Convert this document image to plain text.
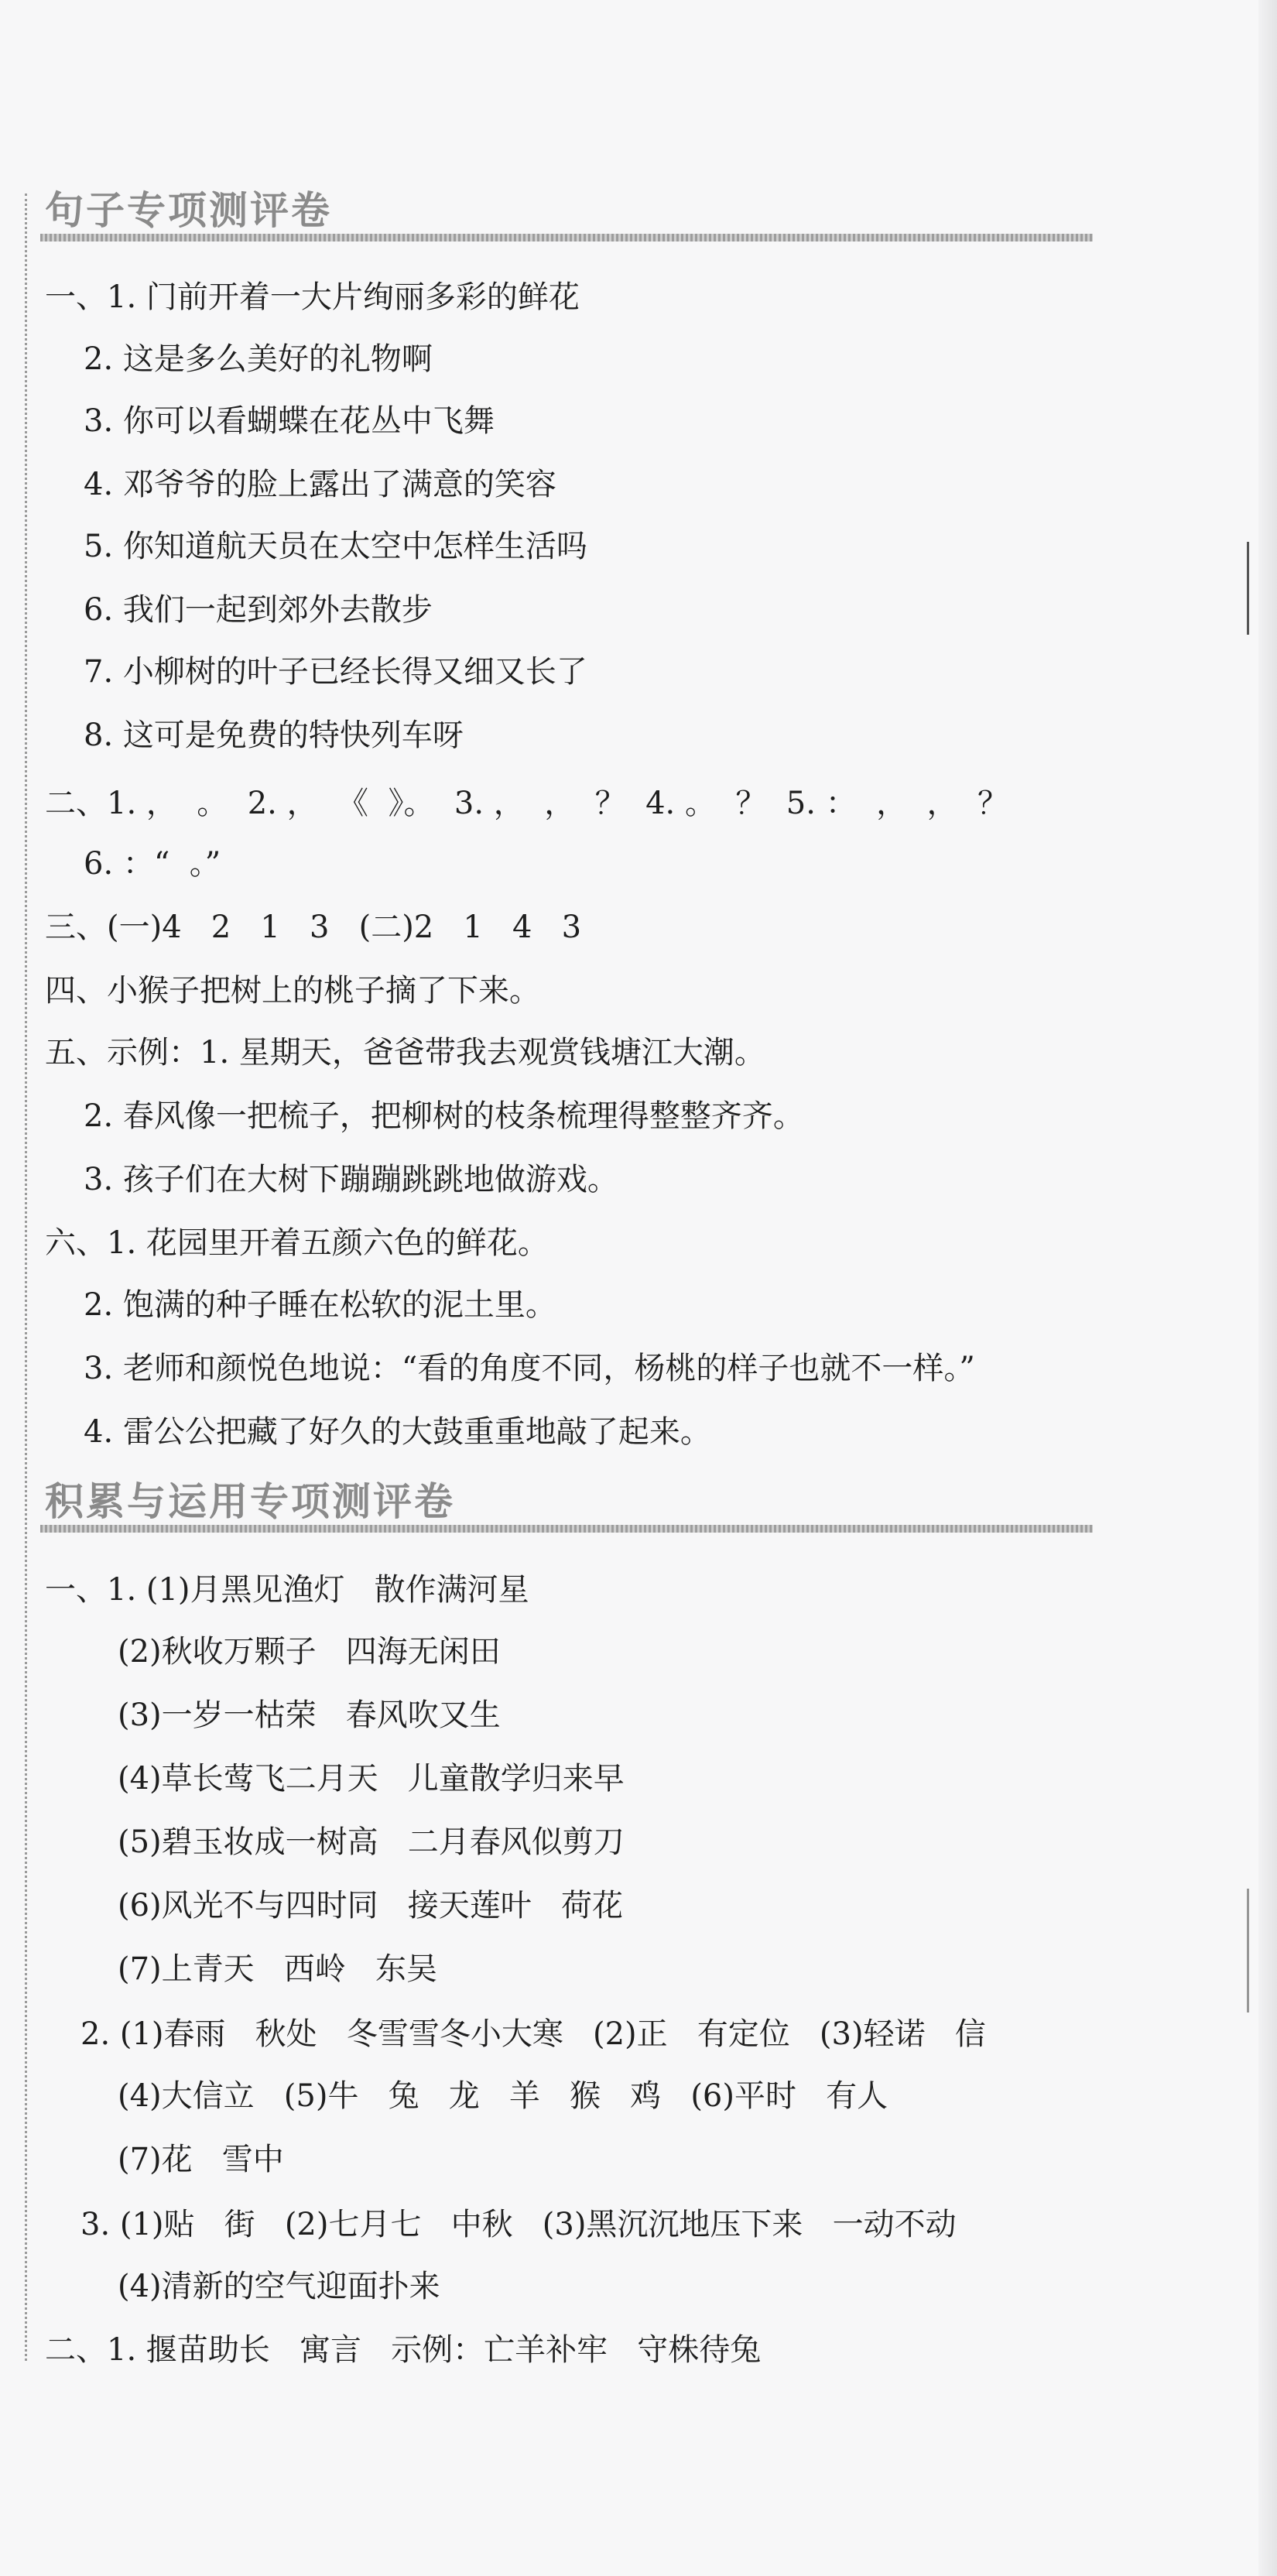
句子专项测评卷
一、1. 门前开着一大片绚丽多彩的鲜花
2. 这是多么美好的礼物啊
3. 你可以看蝴蝶在花丛中飞舞
4. 邓爷爷的脸上露出了满意的笑容
5. 你知道航天员在太空中怎样生活吗
6. 我们一起到郊外去散步
7. 小柳树的叶子已经长得又细又长了
8. 这可是免费的特快列车呀
二、1. ，  。  2. ，  《  》。  3. ，  ，  ？  4. 。  ？  5. ：  ，  ，  ？
6. ：“  。”
三、(一)4   2   1   3   (二)2   1   4   3
四、小猴子把树上的桃子摘了下来。
五、示例：1. 星期天，爸爸带我去观赏钱塘江大潮。
2. 春风像一把梳子，把柳树的枝条梳理得整整齐齐。
3. 孩子们在大树下蹦蹦跳跳地做游戏。
六、1. 花园里开着五颜六色的鲜花。
2. 饱满的种子睡在松软的泥土里。
3. 老师和颜悦色地说：“看的角度不同，杨桃的样子也就不一样。”
4. 雷公公把藏了好久的大鼓重重地敲了起来。
积累与运用专项测评卷
一、1. (1)月黑见渔灯   散作满河星
(2)秋收万颗子   四海无闲田
(3)一岁一枯荣   春风吹又生
(4)草长莺飞二月天   儿童散学归来早
(5)碧玉妆成一树高   二月春风似剪刀
(6)风光不与四时同   接天莲叶   荷花
(7)上青天   西岭   东吴
2. (1)春雨   秋处   冬雪雪冬小大寒   (2)正   有定位   (3)轻诺   信
(4)大信立   (5)牛   兔   龙   羊   猴   鸡   (6)平时   有人
(7)花   雪中
3. (1)贴   街   (2)七月七   中秋   (3)黑沉沉地压下来   一动不动
(4)清新的空气迎面扑来
二、1. 揠苗助长   寓言   示例：亡羊补牢   守株待兔
